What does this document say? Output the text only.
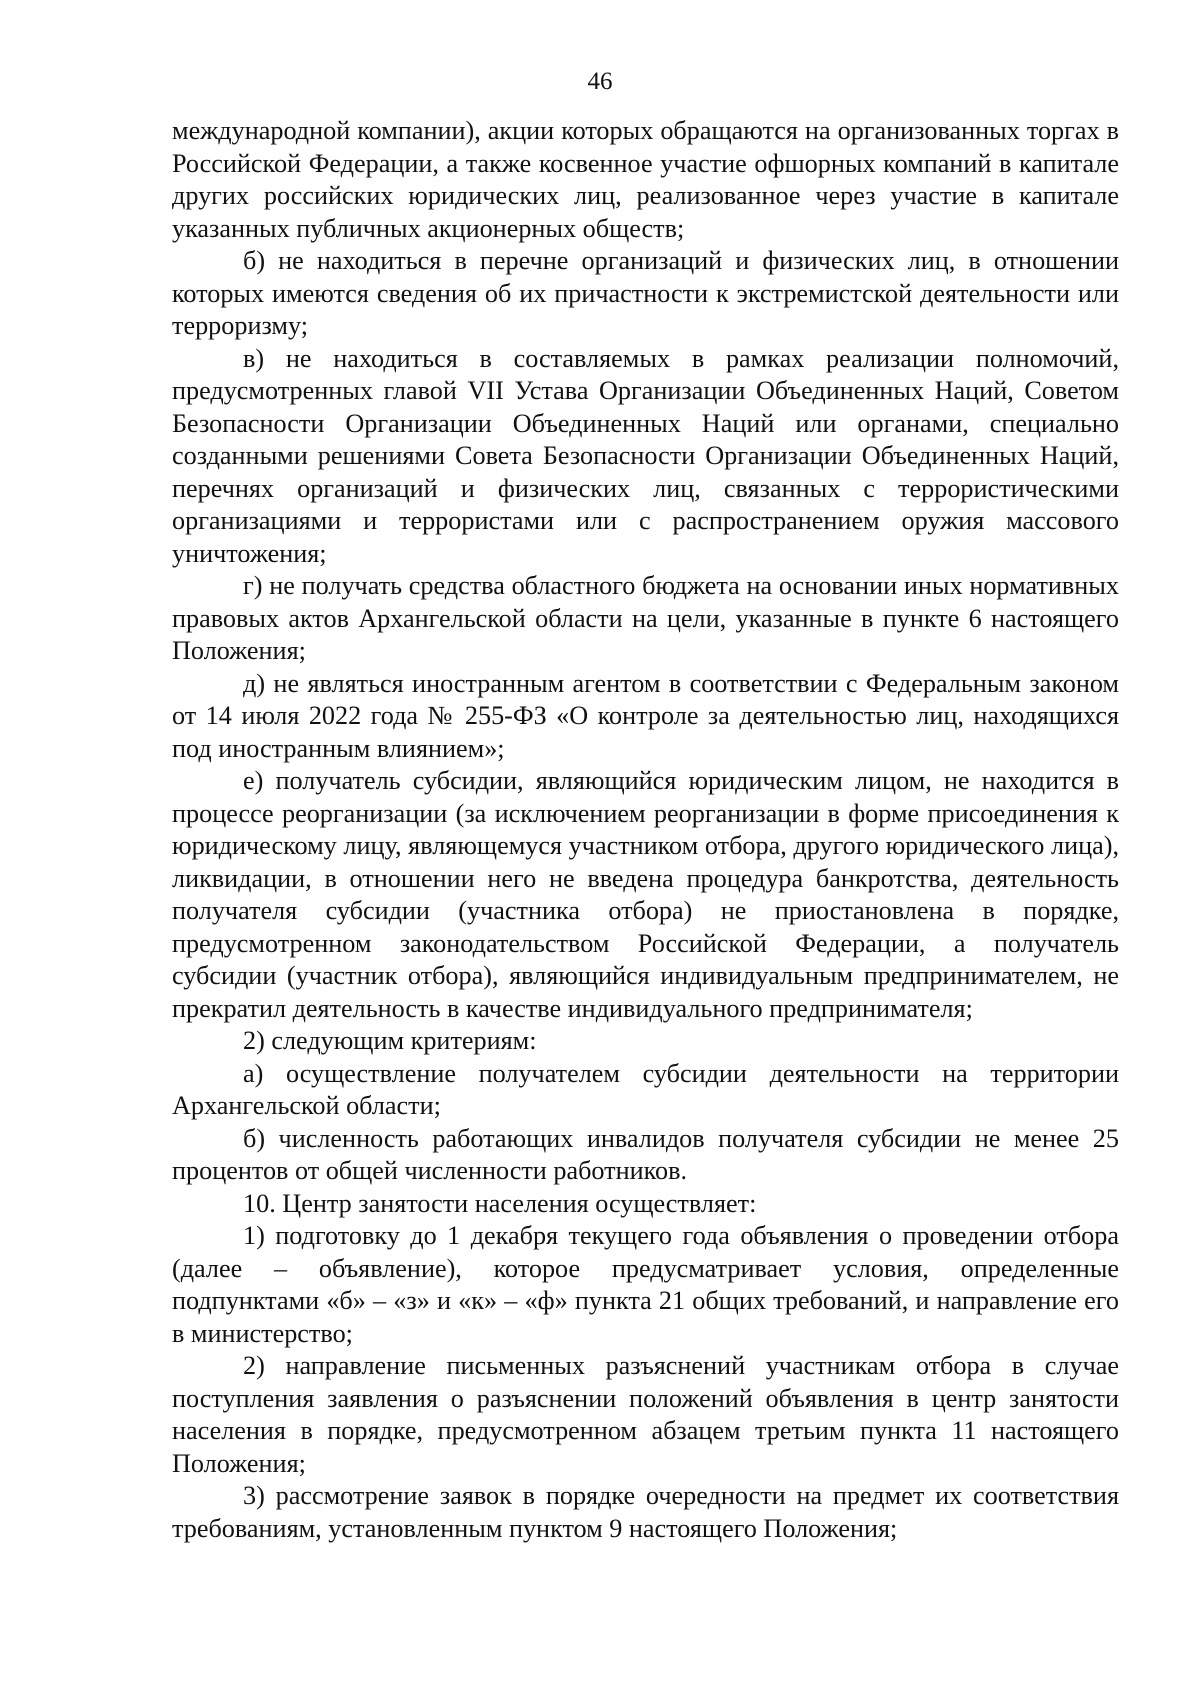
46

международной компании), акции которых обращаются на организованных торгах в Российской Федерации, а также косвенное участие офшорных компаний в капитале других российских юридических лиц, реализованное через участие в капитале указанных публичных акционерных обществ;

б) не находиться в перечне организаций и физических лиц, в отношении которых имеются сведения об их причастности к экстремистской деятельности или терроризму;

в) не находиться в составляемых в рамках реализации полномочий, предусмотренных главой VII Устава Организации Объединенных Наций, Советом Безопасности Организации Объединенных Наций или органами, специально созданными решениями Совета Безопасности Организации Объединенных Наций, перечнях организаций и физических лиц, связанных с террористическими организациями и террористами или с распространением оружия массового уничтожения;

г) не получать средства областного бюджета на основании иных нормативных правовых актов Архангельской области на цели, указанные в пункте 6 настоящего Положения;

д) не являться иностранным агентом в соответствии с Федеральным законом от 14 июля 2022 года № 255-ФЗ «О контроле за деятельностью лиц, находящихся под иностранным влиянием»;

е) получатель субсидии, являющийся юридическим лицом, не находится в процессе реорганизации (за исключением реорганизации в форме присоединения к юридическому лицу, являющемуся участником отбора, другого юридического лица), ликвидации, в отношении него не введена процедура банкротства, деятельность получателя субсидии (участника отбора) не приостановлена в порядке, предусмотренном законодательством Российской Федерации, а получатель субсидии (участник отбора), являющийся индивидуальным предпринимателем, не прекратил деятельность в качестве индивидуального предпринимателя;

2) следующим критериям:

а) осуществление получателем субсидии деятельности на территории Архангельской области;

б) численность работающих инвалидов получателя субсидии не менее 25 процентов от общей численности работников.

10. Центр занятости населения осуществляет:

1) подготовку до 1 декабря текущего года объявления о проведении отбора (далее – объявление), которое предусматривает условия, определенные подпунктами «б» – «з» и «к» – «ф» пункта 21 общих требований, и направление его в министерство;

2) направление письменных разъяснений участникам отбора в случае поступления заявления о разъяснении положений объявления в центр занятости населения в порядке, предусмотренном абзацем третьим пункта 11 настоящего Положения;

3) рассмотрение заявок в порядке очередности на предмет их соответствия требованиям, установленным пунктом 9 настоящего Положения;
